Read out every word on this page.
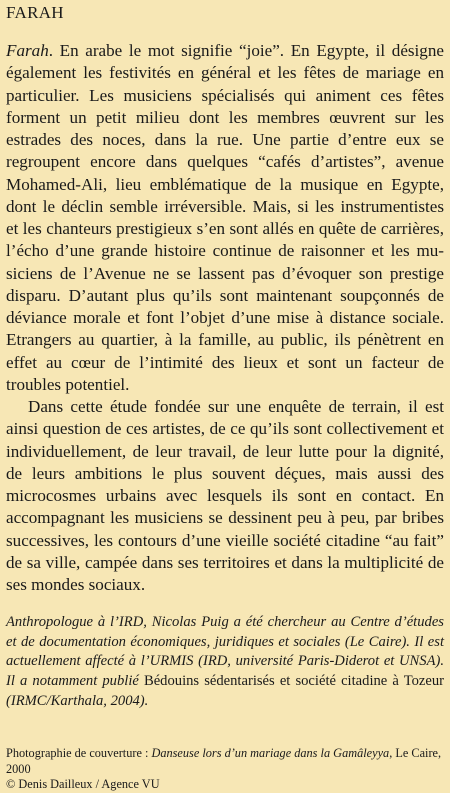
FARAH

Farah. En arabe le mot signifie “joie”. En Egypte, il désigne également les festivités en général et les fêtes de mariage en particulier. Les musiciens spécialisés qui animent ces fêtes forment un petit milieu dont les membres œuvrent sur les estrades des noces, dans la rue. Une partie d’entre eux se regroupent encore dans quelques “cafés d’artistes”, avenue Mohamed-Ali, lieu emblématique de la musique en Egypte, dont le déclin semble irréversible. Mais, si les instrumentistes et les chanteurs prestigieux s’en sont allés en quête de carrières, l’écho d’une grande histoire continue de raisonner et les musiciens de l’Avenue ne se lassent pas d’évoquer son prestige disparu. D’autant plus qu’ils sont maintenant soupçonnés de déviance morale et font l’objet d’une mise à distance sociale. Etrangers au quartier, à la famille, au public, ils pénètrent en effet au cœur de l’intimité des lieux et sont un facteur de troubles potentiel.

Dans cette étude fondée sur une enquête de terrain, il est ainsi question de ces artistes, de ce qu’ils sont collectivement et individuellement, de leur travail, de leur lutte pour la dignité, de leurs ambitions le plus souvent déçues, mais aussi des microcosmes urbains avec lesquels ils sont en contact. En accompagnant les musiciens se dessinent peu à peu, par bribes successives, les contours d’une vieille société citadine “au fait” de sa ville, campée dans ses territoires et dans la multiplicité de ses mondes sociaux.

Anthropologue à l’IRD, Nicolas Puig a été chercheur au Centre d’études et de documentation économiques, juridiques et sociales (Le Caire). Il est actuellement affecté à l’URMIS (IRD, université Paris-Diderot et UNSA). Il a notamment publié Bédouins sédentarisés et société citadine à Tozeur (IRMC/Karthala, 2004).
Photographie de couverture : Danseuse lors d’un mariage dans la Gamâleyya, Le Caire, 2000
© Denis Dailleux / Agence VU
